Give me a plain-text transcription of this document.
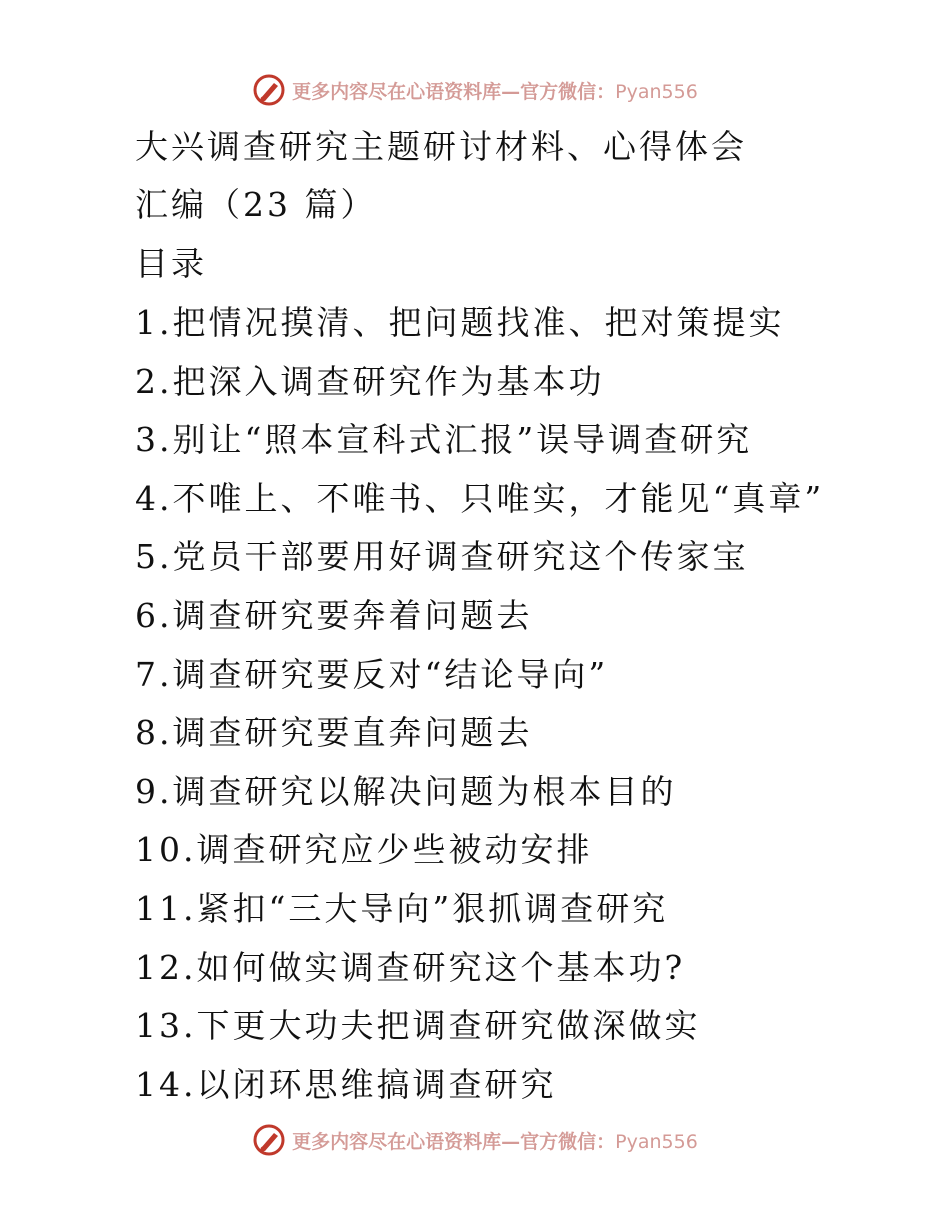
更多内容尽在心语资料库—官方微信：Pyan556
大兴调查研究主题研讨材料、心得体会汇编（23 篇）
目录
1.把情况摸清、把问题找准、把对策提实
2.把深入调查研究作为基本功
3.别让“照本宣科式汇报”误导调查研究
4.不唯上、不唯书、只唯实，才能见“真章”
5.党员干部要用好调查研究这个传家宝
6.调查研究要奔着问题去
7.调查研究要反对“结论导向”
8.调查研究要直奔问题去
9.调查研究以解决问题为根本目的
10.调查研究应少些被动安排
11.紧扣“三大导向”狠抓调查研究
12.如何做实调查研究这个基本功?
13.下更大功夫把调查研究做深做实
14.以闭环思维搞调查研究
更多内容尽在心语资料库—官方微信：Pyan556
